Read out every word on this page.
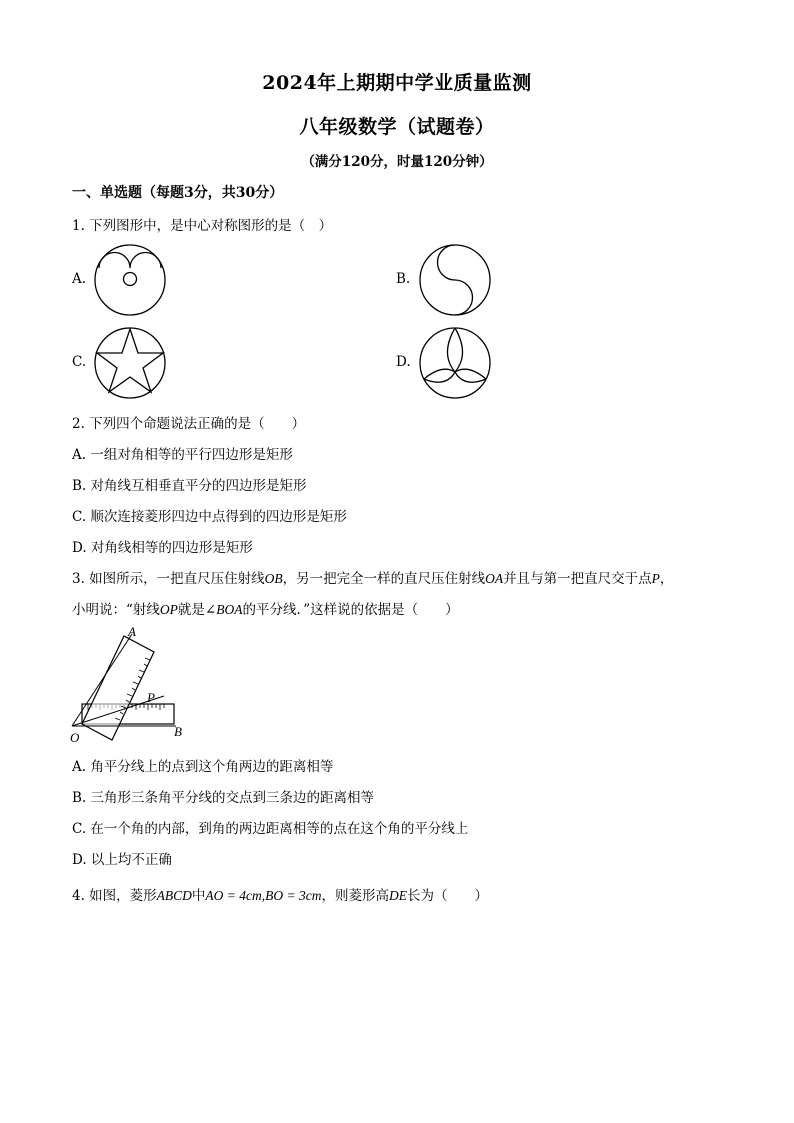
2024年上期期中学业质量监测
八年级数学（试题卷）
（满分120分，时量120分钟）
一、单选题（每题3分，共30分）
1. 下列图形中，是中心对称图形的是（　）
A.	B.
C.	D.
2. 下列四个命题说法正确的是（　　）
A. 一组对角相等的平行四边形是矩形
B. 对角线互相垂直平分的四边形是矩形
C. 顺次连接菱形四边中点得到的四边形是矩形
D. 对角线相等的四边形是矩形
3. 如图所示，一把直尺压住射线OB，另一把完全一样的直尺压住射线OA并且与第一把直尺交于点P，
小明说：“射线OP就是∠BOA的平分线．”这样说的依据是（　　）
A
P
O	B
A. 角平分线上的点到这个角两边的距离相等
B. 三角形三条角平分线的交点到三条边的距离相等
C. 在一个角的内部，到角的两边距离相等的点在这个角的平分线上
D. 以上均不正确
4. 如图，菱形ABCD中AO = 4cm,BO = 3cm，则菱形高DE长为（　　）
